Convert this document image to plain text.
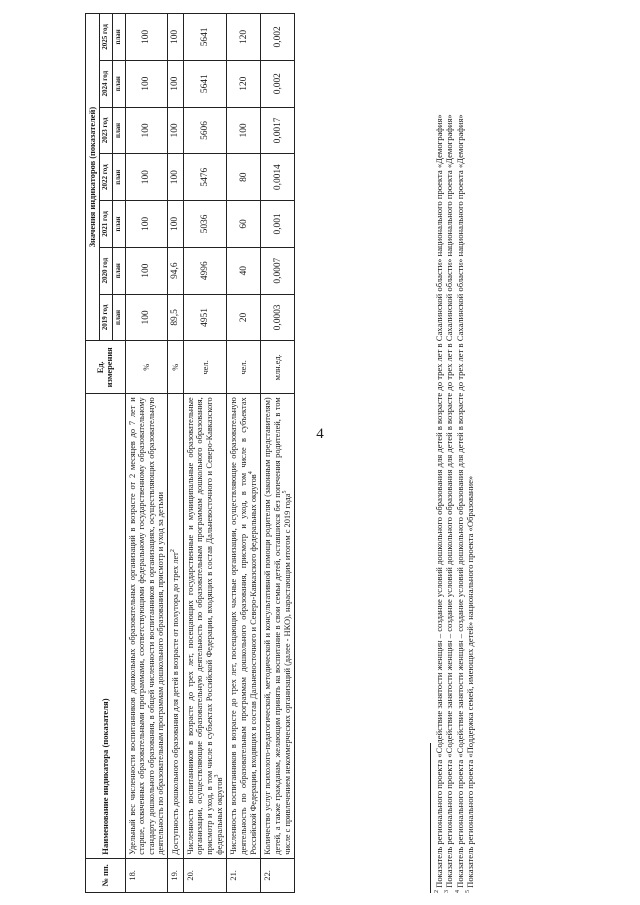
4
№ пп.	Наименование индикатора (показателя)	Ед. измерения	Значения индикаторов (показателей)						
			2019 год	2020 год	2021 год	2022 год	2023 год	2024 год	2025 год
			план	план	план	план	план	план	план
18.	Удельный вес численности воспитанников дошкольных образовательных организаций в возрасте от 2 месяцев до 7 лет и старше, охваченных образовательными программами, соответствующими федеральному государственному образовательному стандарту дошкольного образования, в общей численности воспитанников в организациях, осуществляющих образовательную деятельность по образовательным программам дошкольного образования, присмотр и уход за детьми	%	100	100	100	100	100	100	100
19.	Доступность дошкольного образования для детей в возрасте от полутора до трех лет$^2$	%	89,5	94,6	100	100	100	100	100
20.	Численность воспитанников в возрасте до трех лет, посещающих государственные и муниципальные образовательные организации, осуществляющие образовательную деятельность по образовательным программам дошкольного образования, присмотр и уход, в том числе в субъектах Российской Федерации, входящих в состав Дальневосточного и Северо-Кавказского федеральных округов$^3$	чел.	4951	4996	5036	5476	5606	5641	5641
21.	Численность воспитанников в возрасте до трех лет, посещающих частные организации, осуществляющие образовательную деятельность по образовательным программам дошкольного образования, присмотр и уход, в том числе в субъектах Российской Федерации, входящих в состав Дальневосточного и Северо-Кавказского федеральных округов$^4$	чел.	20	40	60	80	100	120	120
22.	Количество услуг психолого-педагогической, методической и консультативной помощи родителям (законным представителям) детей, а также гражданам, желающим принять на воспитание в свои семьи детей, оставшихся без попечения родителей, в том числе с привлечением некоммерческих организаций (далее - НКО), нарастающим итогом с 2019 года$^5$	млн.ед.	0,0003	0,0007	0,001	0,0014	0,0017	0,002	0,002

$^2$ Показатель регионального проекта «Содействие занятости женщин – создание условий дошкольного образования для детей в возрасте до трех лет в Сахалинской области» национального проекта «Демография»

$^3$ Показатель регионального проекта «Содействие занятости женщин – создание условий дошкольного образования для детей в возрасте до трех лет в Сахалинской области» национального проекта «Демография»

$^4$ Показатель регионального проекта «Содействие занятости женщин – создание условий дошкольного образования для детей в возрасте до трех лет в Сахалинской области» национального проекта «Демография»

$^5$ Показатель регионального проекта «Поддержка семей, имеющих детей» национального проекта «Образование»
